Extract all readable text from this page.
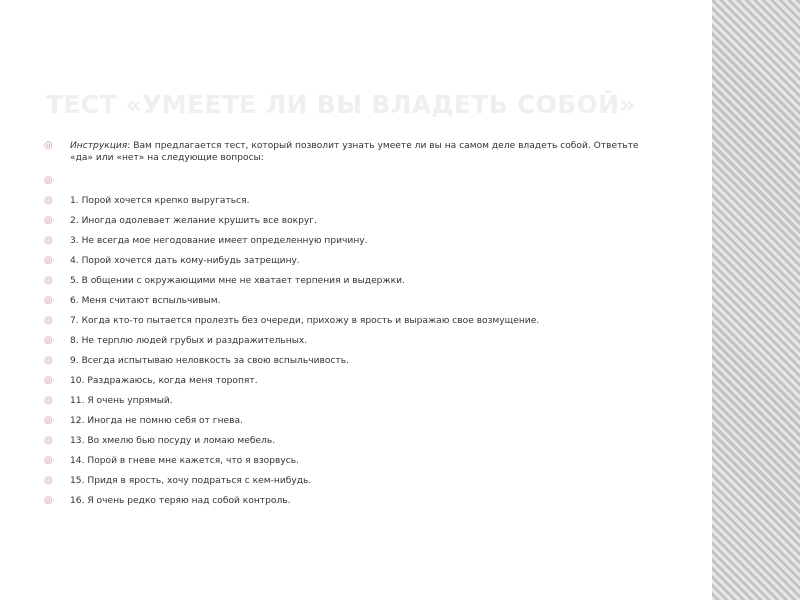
ТЕСТ «УМЕЕТЕ ЛИ ВЫ ВЛАДЕТЬ СОБОЙ»
◎ Инструкция: Вам предлагается тест, который позволит узнать умеете ли вы на самом деле владеть собой. Ответьте «да» или «нет» на следующие вопросы:
◎
◎ 1. Порой хочется крепко выругаться.
◎ 2. Иногда одолевает желание крушить все вокруг.
◎ 3. Не всегда мое негодование имеет определенную причину.
◎ 4. Порой хочется дать кому-нибудь затрещину.
◎ 5. В общении с окружающими мне не хватает терпения и выдержки.
◎ 6. Меня считают вспыльчивым.
◎ 7. Когда кто-то пытается пролезть без очереди, прихожу в ярость и выражаю свое возмущение.
◎ 8. Не терплю людей грубых и раздражительных.
◎ 9. Всегда испытываю неловкость за свою вспыльчивость.
◎ 10. Раздражаюсь, когда меня торопят.
◎ 11. Я очень упрямый.
◎ 12. Иногда не помню себя от гнева.
◎ 13. Во хмелю бью посуду и ломаю мебель.
◎ 14. Порой в гневе мне кажется, что я взорвусь.
◎ 15. Придя в ярость, хочу подраться с кем-нибудь.
◎ 16. Я очень редко теряю над собой контроль.
